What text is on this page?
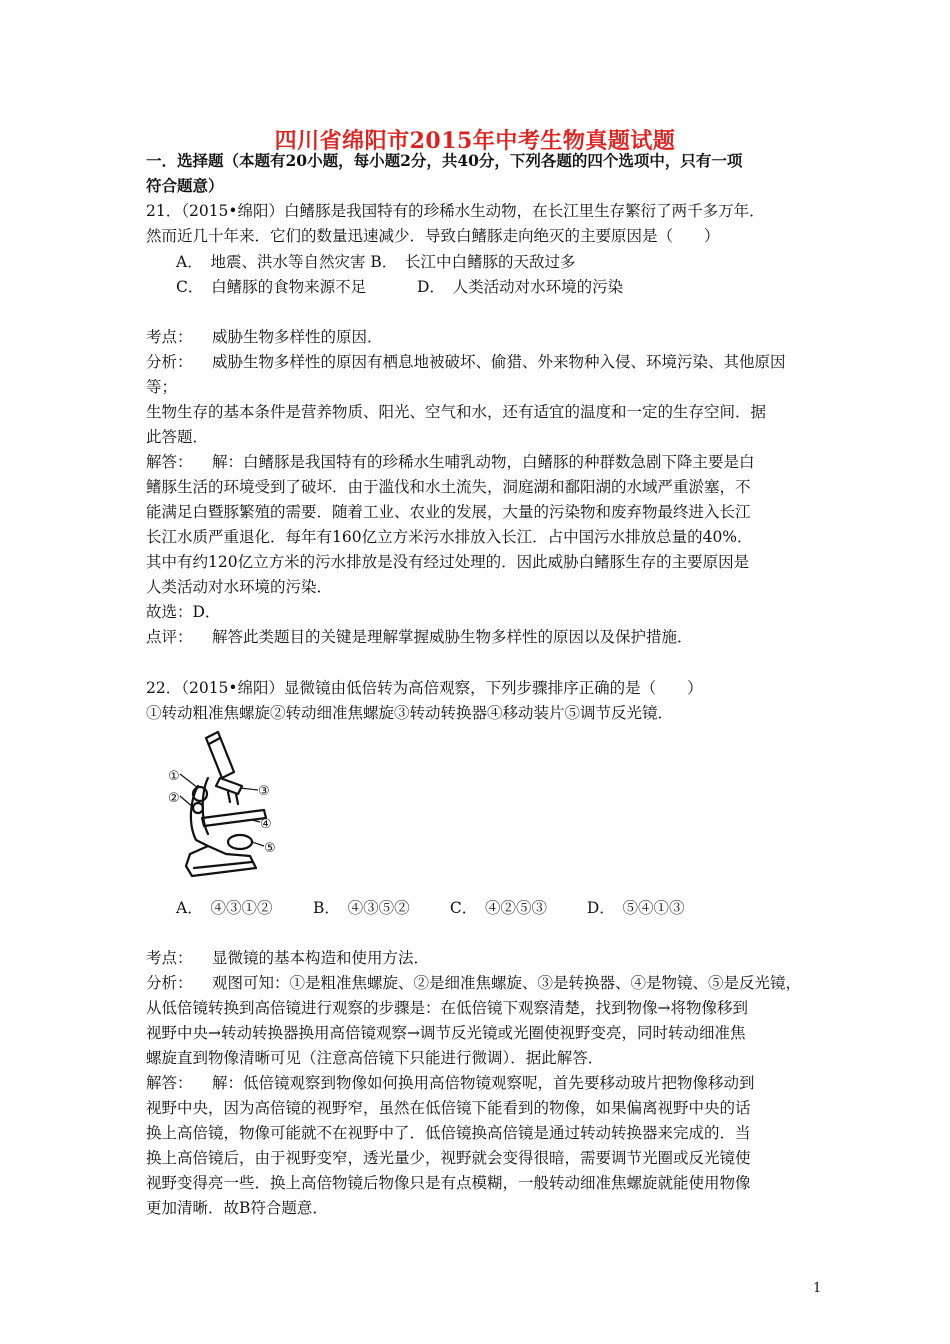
四川省绵阳市2015年中考生物真题试题
一．选择题（本题有20小题，每小题2分，共40分，下列各题的四个选项中，只有一项
符合题意）
21．（2015•绵阳）白鳍豚是我国特有的珍稀水生动物，在长江里生存繁衍了两千多万年．
然而近几十年来．它们的数量迅速减少．导致白鳍豚走向绝灭的主要原因是（　　）
A．　地震、洪水等自然灾害 B．　长江中白鳍豚的天敌过多
C．　白鳍豚的食物来源不足	D．　人类活动对水环境的污染
考点： 威胁生物多样性的原因．
分析： 威胁生物多样性的原因有栖息地被破坏、偷猎、外来物种入侵、环境污染、其他原因
等；
生物生存的基本条件是营养物质、阳光、空气和水，还有适宜的温度和一定的生存空间．据
此答题．
解答： 解：白鳍豚是我国特有的珍稀水生哺乳动物，白鳍豚的种群数急剧下降主要是白
鳍豚生活的环境受到了破坏．由于滥伐和水土流失，洞庭湖和鄱阳湖的水域严重淤塞，不
能满足白暨豚繁殖的需要．随着工业、农业的发展，大量的污染物和废弃物最终进入长江
长江水质严重退化．每年有160亿立方米污水排放入长江．占中国污水排放总量的40%．
其中有约120亿立方米的污水排放是没有经过处理的．因此威胁白鳍豚生存的主要原因是
人类活动对水环境的污染．
故选：D．
点评： 解答此类题目的关键是理解掌握威胁生物多样性的原因以及保护措施．
22．（2015•绵阳）显微镜由低倍转为高倍观察，下列步骤排序正确的是（　　）
①转动粗准焦螺旋②转动细准焦螺旋③转动转换器④移动装片⑤调节反光镜．
①
②	③
④
⑤
A．　④③①②	B．　④③⑤②	C．　④②⑤③	D．　⑤④①③
考点： 显微镜的基本构造和使用方法．
分析： 观图可知：①是粗准焦螺旋、②是细准焦螺旋、③是转换器、④是物镜、⑤是反光镜，
从低倍镜转换到高倍镜进行观察的步骤是：在低倍镜下观察清楚，找到物像→将物像移到
视野中央→转动转换器换用高倍镜观察→调节反光镜或光圈使视野变亮，同时转动细准焦
螺旋直到物像清晰可见（注意高倍镜下只能进行微调）．据此解答．
解答： 解：低倍镜观察到物像如何换用高倍物镜观察呢，首先要移动玻片把物像移动到
视野中央，因为高倍镜的视野窄，虽然在低倍镜下能看到的物像，如果偏离视野中央的话
换上高倍镜，物像可能就不在视野中了．低倍镜换高倍镜是通过转动转换器来完成的．当
换上高倍镜后，由于视野变窄，透光量少，视野就会变得很暗，需要调节光圈或反光镜使
视野变得亮一些．换上高倍物镜后物像只是有点模糊，一般转动细准焦螺旋就能使用物像
更加清晰．故B符合题意．
1
